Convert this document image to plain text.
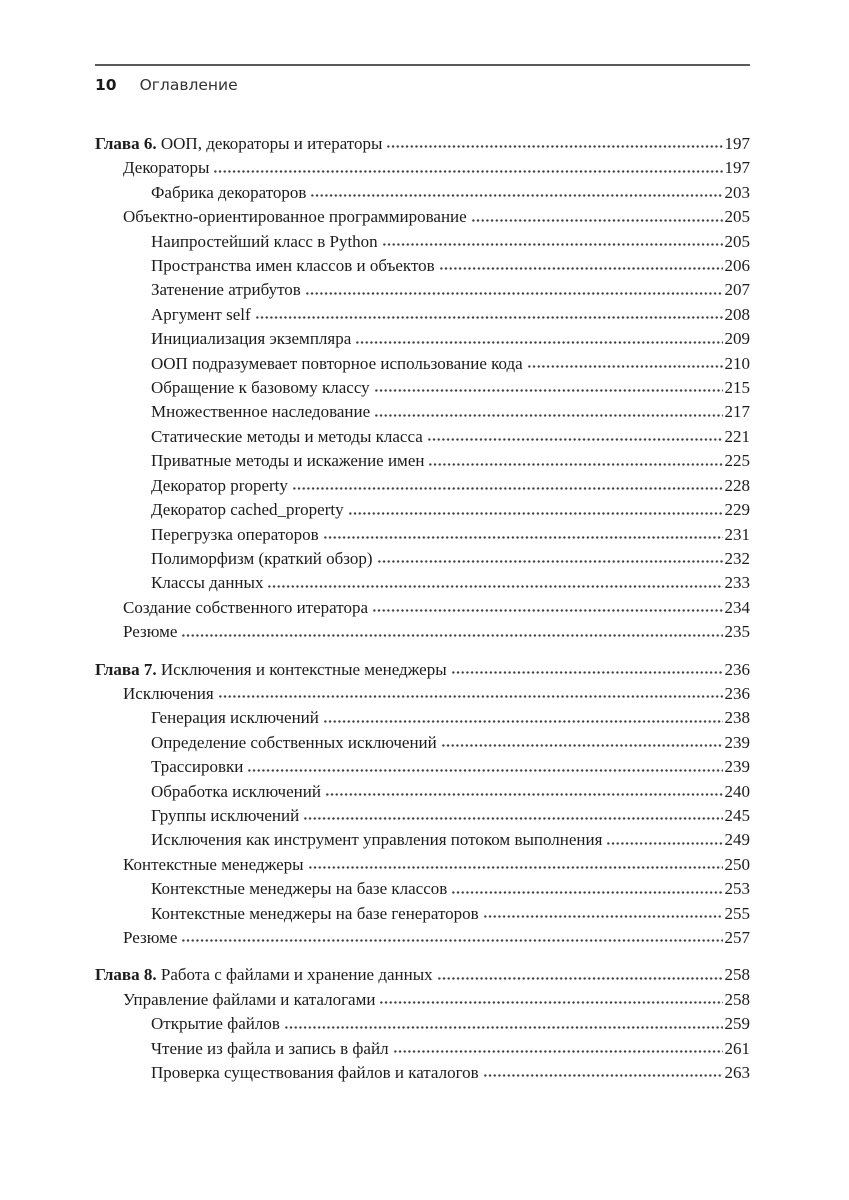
10 Оглавление
Глава 6. ООП, декораторы и итераторы	197
Декораторы	197
Фабрика декораторов	203
Объектно-ориентированное программирование	205
Наипростейший класс в Python	205
Пространства имен классов и объектов	206
Затенение атрибутов	207
Аргумент self	208
Инициализация экземпляра	209
ООП подразумевает повторное использование кода	210
Обращение к базовому классу	215
Множественное наследование	217
Статические методы и методы класса	221
Приватные методы и искажение имен	225
Декоратор property	228
Декоратор cached_property	229
Перегрузка операторов	231
Полиморфизм (краткий обзор)	232
Классы данных	233
Создание собственного итератора	234
Резюме	235
Глава 7. Исключения и контекстные менеджеры	236
Исключения	236
Генерация исключений	238
Определение собственных исключений	239
Трассировки	239
Обработка исключений	240
Группы исключений	245
Исключения как инструмент управления потоком выполнения	249
Контекстные менеджеры	250
Контекстные менеджеры на базе классов	253
Контекстные менеджеры на базе генераторов	255
Резюме	257
Глава 8. Работа с файлами и хранение данных	258
Управление файлами и каталогами	258
Открытие файлов	259
Чтение из файла и запись в файл	261
Проверка существования файлов и каталогов	263
